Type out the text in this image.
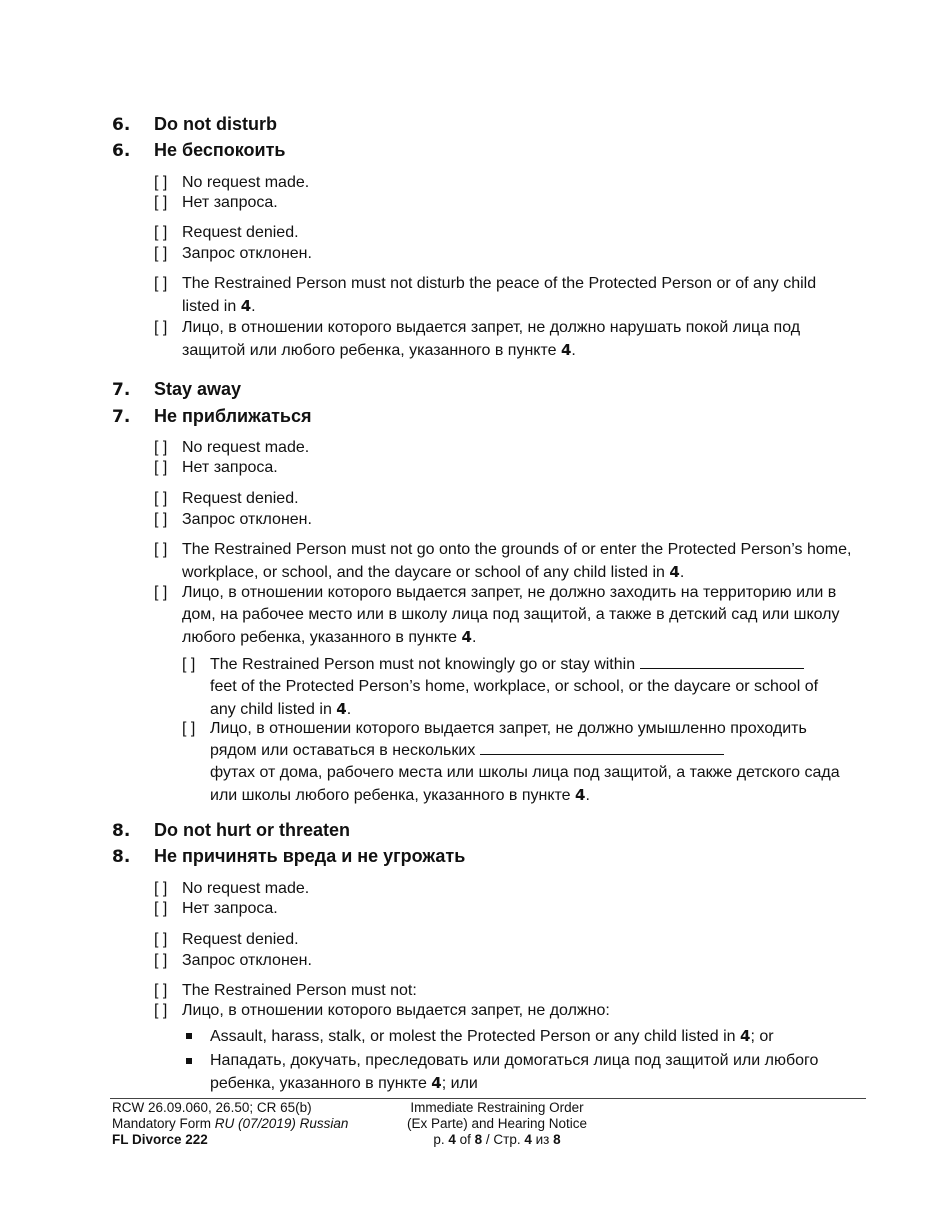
6. Do not disturb
6. Не беспокоить
[ ] No request made.
[ ] Нет запроса.
[ ] Request denied.
[ ] Запрос отклонен.
[ ] The Restrained Person must not disturb the peace of the Protected Person or of any child listed in 4.
[ ] Лицо, в отношении которого выдается запрет, не должно нарушать покой лица под защитой или любого ребенка, указанного в пункте 4.
7. Stay away
7. Не приближаться
[ ] No request made.
[ ] Нет запроса.
[ ] Request denied.
[ ] Запрос отклонен.
[ ] The Restrained Person must not go onto the grounds of or enter the Protected Person’s home, workplace, or school, and the daycare or school of any child listed in 4.
[ ] Лицо, в отношении которого выдается запрет, не должно заходить на территорию или в дом, на рабочее место или в школу лица под защитой, а также в детский сад или школу любого ребенка, указанного в пункте 4.
[ ] The Restrained Person must not knowingly go or stay within
feet of the Protected Person’s home, workplace, or school, or the daycare or school of any child listed in 4.
[ ] Лицо, в отношении которого выдается запрет, не должно умышленно проходить рядом или оставаться в нескольких
футах от дома, рабочего места или школы лица под защитой, а также детского сада или школы любого ребенка, указанного в пункте 4.
8. Do not hurt or threaten
8. Не причинять вреда и не угрожать
[ ] No request made.
[ ] Нет запроса.
[ ] Request denied.
[ ] Запрос отклонен.
[ ] The Restrained Person must not:
[ ] Лицо, в отношении которого выдается запрет, не должно:
Assault, harass, stalk, or molest the Protected Person or any child listed in 4; or
Нападать, докучать, преследовать или домогаться лица под защитой или любого ребенка, указанного в пункте 4; или
RCW 26.09.060, 26.50; CR 65(b)
Mandatory Form RU (07/2019) Russian
FL Divorce 222
Immediate Restraining Order
(Ex Parte) and Hearing Notice
p. 4 of 8 / Стр. 4 из 8
